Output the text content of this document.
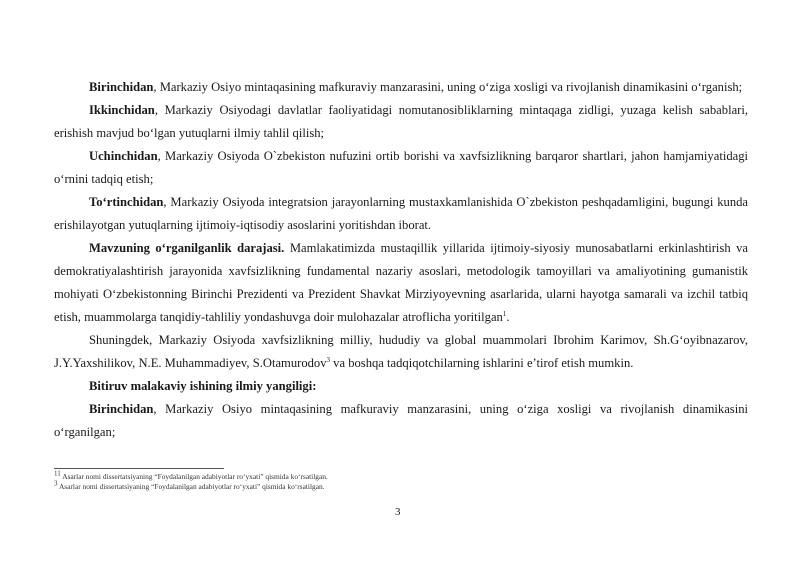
Birinchidan, Markaziy Osiyo mintaqasining mafkuraviy manzarasini, uning o‘ziga xosligi va rivojlanish dinamikasini o‘rganish;

Ikkinchidan, Markaziy Osiyodagi davlatlar faoliyatidagi nomutanosibliklarning mintaqaga zidligi, yuzaga kelish sabablari, erishish mavjud bo‘lgan yutuqlarni ilmiy tahlil qilish;

Uchinchidan, Markaziy Osiyoda O`zbekiston nufuzini ortib borishi va xavfsizlikning barqaror shartlari, jahon hamjamiyatidagi o‘rnini tadqiq etish;

To‘rtinchidan, Markaziy Osiyoda integratsion jarayonlarning mustaxkamlanishida O`zbekiston peshqadamligini, bugungi kunda erishilayotgan yutuqlarning ijtimoiy-iqtisodiy asoslarini yoritishdan iborat.

Mavzuning o‘rganilganlik darajasi. Mamlakatimizda mustaqillik yillarida ijtimoiy-siyosiy munosabatlarni erkinlashtirish va demokratiyalashtirish jarayonida xavfsizlikning fundamental nazariy asoslari, metodologik tamoyillari va amaliyotining gumanistik mohiyati O‘zbekistonning Birinchi Prezidenti va Prezident Shavkat Mirziyoyevning asarlarida, ularni hayotga samarali va izchil tatbiq etish, muammolarga tanqidiy-tahliliy yondashuvga doir mulohazalar atroflicha yoritilgan$^1$.

Shuningdek, Markaziy Osiyoda xavfsizlikning milliy, hududiy va global muammolari Ibrohim Karimov, Sh.G‘oyibnazarov, J.Y.Yaxshilikov, N.E. Muhammadiyev, S.Otamurodov$^3$ va boshqa tadqiqotchilarning ishlarini e’tirof etish mumkin.

Bitiruv malakaviy ishining ilmiy yangiligi:

Birinchidan, Markaziy Osiyo mintaqasining mafkuraviy manzarasini, uning o‘ziga xosligi va rivojlanish dinamikasini o‘rganilgan;

$^{11}$ Asarlar nomi dissertatsiyaning “Foydalanilgan adabiyotlar ro‘yxati” qismida ko‘rsatilgan.

$^3$ Asarlar nomi dissertatsiyaning “Foydalanilgan adabiyotlar ro‘yxati” qismida ko‘rsatilgan.

3
